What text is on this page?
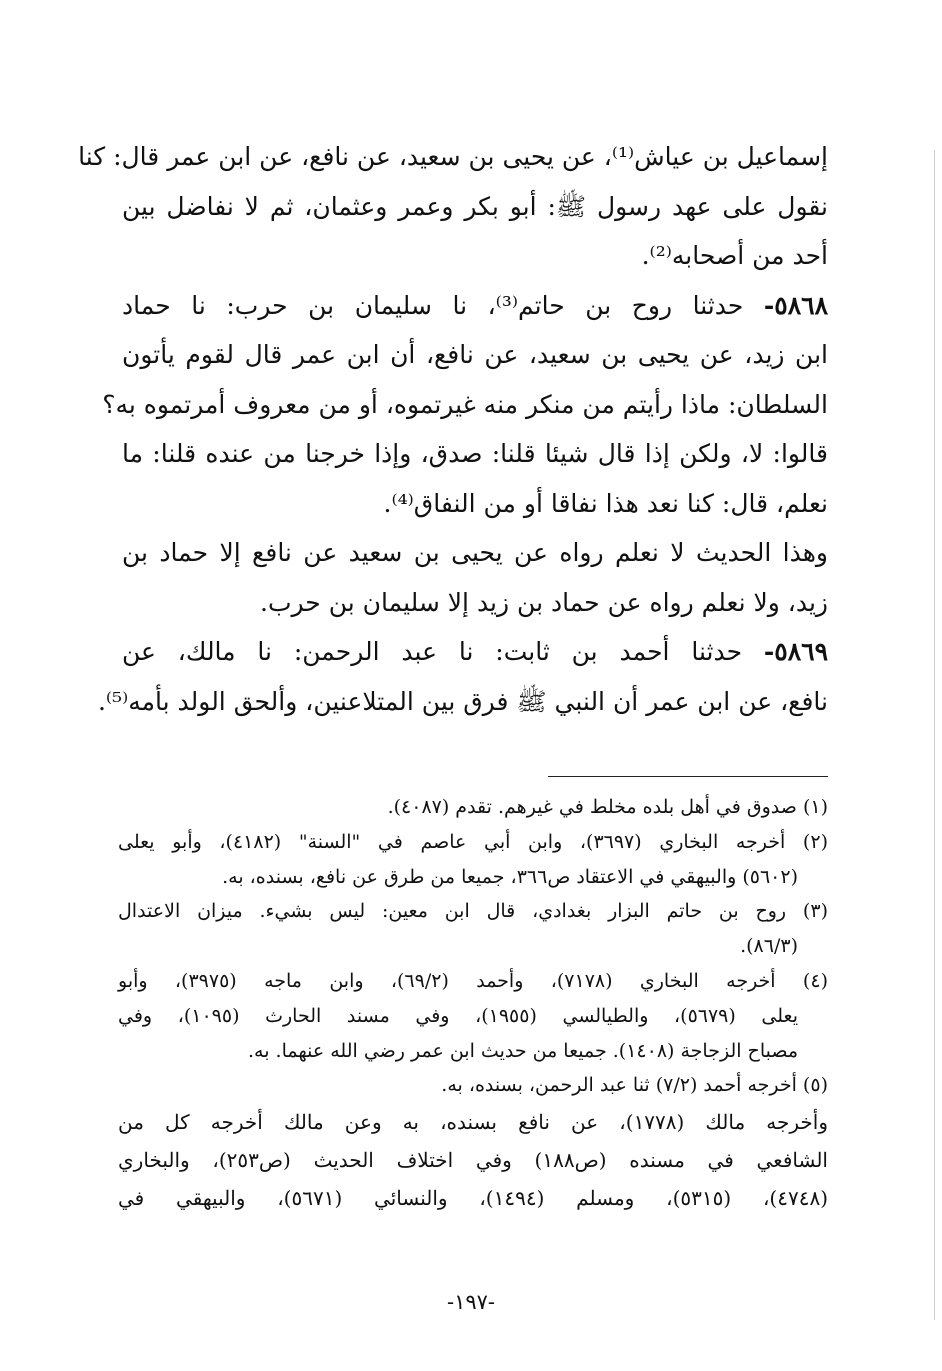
إسماعيل بن عياش⁽¹⁾، عن يحيى بن سعيد، عن نافع، عن ابن عمر قال: كنا
نقول على عهد رسول ﷺ: أبو بكر وعمر وعثمان، ثم لا نفاضل بين
أحد من أصحابه⁽²⁾.
٥٨٦٨- حدثنا روح بن حاتم⁽³⁾، نا سليمان بن حرب: نا حماد
ابن زيد، عن يحيى بن سعيد، عن نافع، أن ابن عمر قال لقوم يأتون
السلطان: ماذا رأيتم من منكر منه غيرتموه، أو من معروف أمرتموه به؟
قالوا: لا، ولكن إذا قال شيئا قلنا: صدق، وإذا خرجنا من عنده قلنا: ما
نعلم، قال: كنا نعد هذا نفاقا أو من النفاق⁽⁴⁾.
وهذا الحديث لا نعلم رواه عن يحيى بن سعيد عن نافع إلا حماد بن
زيد، ولا نعلم رواه عن حماد بن زيد إلا سليمان بن حرب.
٥٨٦٩- حدثنا أحمد بن ثابت: نا عبد الرحمن: نا مالك، عن
نافع، عن ابن عمر أن النبي ﷺ فرق بين المتلاعنين، وألحق الولد بأمه⁽⁵⁾.
(١) صدوق في أهل بلده مخلط في غيرهم. تقدم (٤٠٨٧).
(٢) أخرجه البخاري (٣٦٩٧)، وابن أبي عاصم في "السنة" (٤١٨٢)، وأبو يعلى
(٥٦٠٢) والبيهقي في الاعتقاد ص٣٦٦، جميعا من طرق عن نافع، بسنده، به.
(٣) روح بن حاتم البزار بغدادي، قال ابن معين: ليس بشيء. ميزان الاعتدال
(٨٦/٣).
(٤) أخرجه البخاري (٧١٧٨)، وأحمد (٦٩/٢)، وابن ماجه (٣٩٧٥)، وأبو
يعلى (٥٦٧٩)، والطيالسي (١٩٥٥)، وفي مسند الحارث (١٠٩٥)، وفي
مصباح الزجاجة (١٤٠٨). جميعا من حديث ابن عمر رضي الله عنهما. به.
(٥) أخرجه أحمد (٧/٢) ثنا عبد الرحمن، بسنده، به.
وأخرجه مالك (١٧٧٨)، عن نافع بسنده، به وعن مالك أخرجه كل من
الشافعي في مسنده (ص١٨٨) وفي اختلاف الحديث (ص٢٥٣)، والبخاري
(٤٧٤٨)، (٥٣١٥)، ومسلم (١٤٩٤)، والنسائي (٥٦٧١)، والبيهقي في
-١٩٧-
